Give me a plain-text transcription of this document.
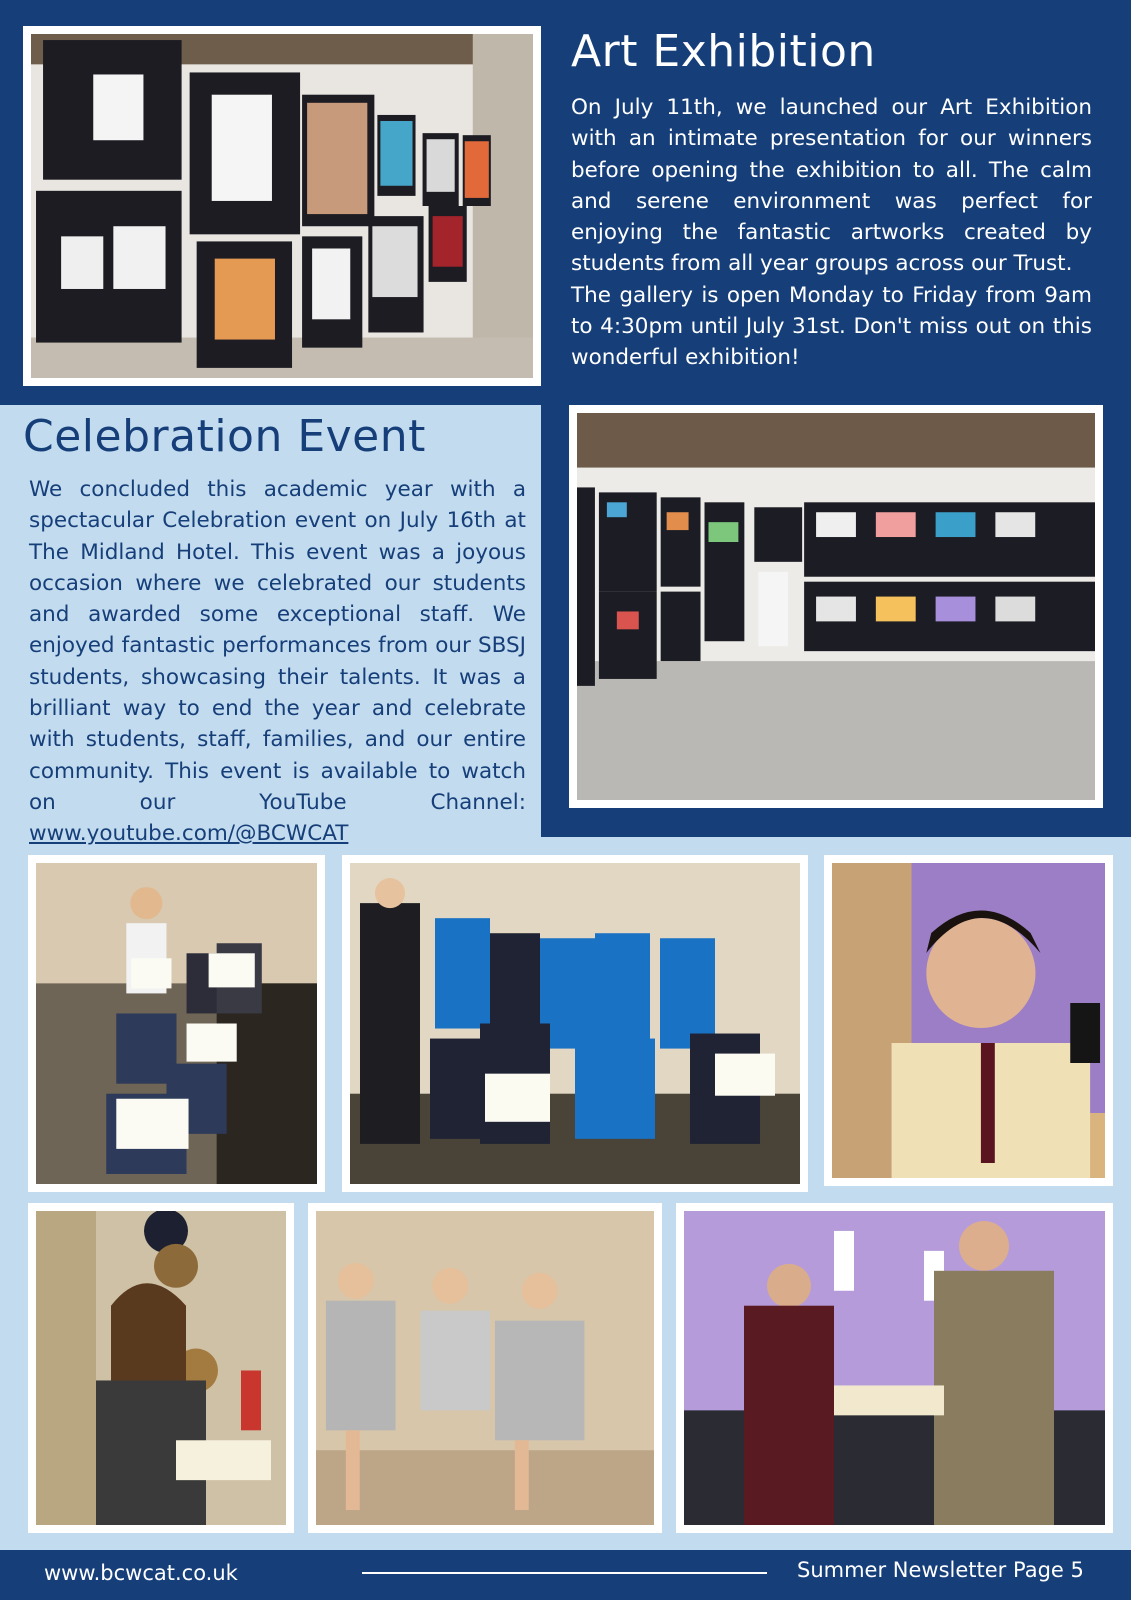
Art Exhibition

On July 11th, we launched our Art Exhibition with an intimate presentation for our winners before opening the exhibition to all. The calm and serene environment was perfect for enjoying the fantastic artworks created by students from all year groups across our Trust.

The gallery is open Monday to Friday from 9am to 4:30pm until July 31st. Don't miss out on this wonderful exhibition!

Celebration Event

We concluded this academic year with a spectacular Celebration event on July 16th at The Midland Hotel. This event was a joyous occasion where we celebrated our students and awarded some exceptional staff. We enjoyed fantastic performances from our SBSJ students, showcasing their talents. It was a brilliant way to end the year and celebrate with students, staff, families, and our entire community. This event is available to watch on our YouTube Channel: www.youtube.com/@BCWCAT

www.bcwcat.co.uk	Summer Newsletter Page 5
